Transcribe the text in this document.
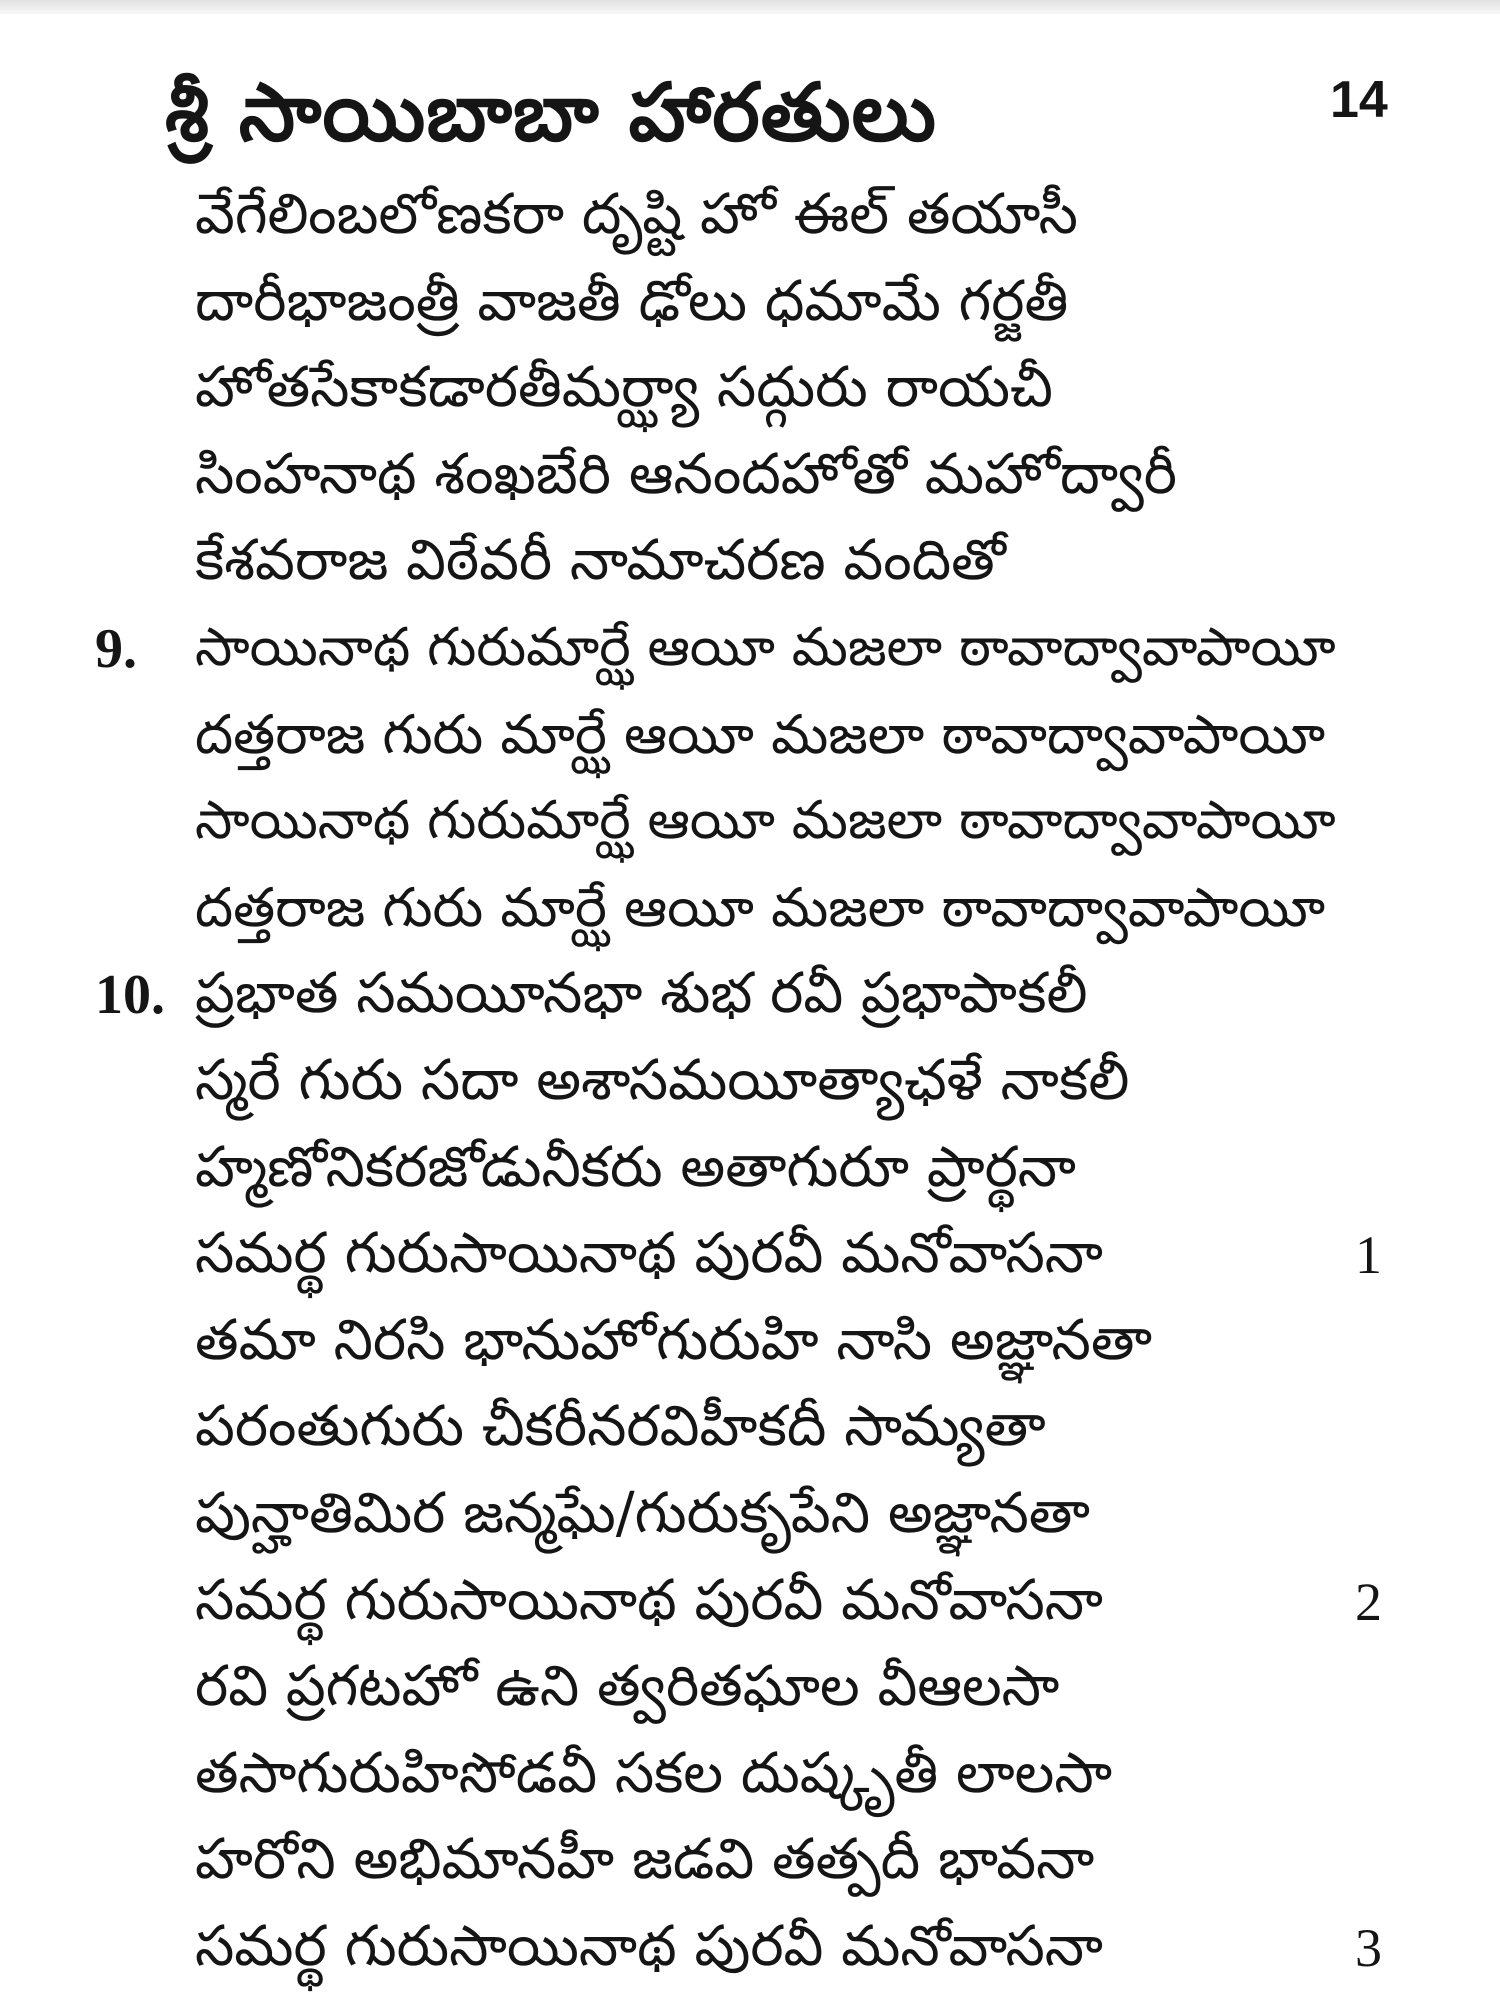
శ్రీ సాయిబాబా హారతులు	14
వేగేలింబలోణకరా దృష్టి హో ఈల్ తయాసీ
దారీభాజంత్రీ వాజతీ ఢోలు ధమామే గర్జతీ
హోతసేకాకడారతీమర్ఝ్యా సద్గురు రాయచీ
సింహనాథ శంఖబేరి ఆనందహోతో మహోద్వారీ
కేశవరాజ విఠేవరీ నామాచరణ వందితో
9. సాయినాథ గురుమార్ఝే ఆయీ మజలా ఠావాద్వావాపాయీ
దత్తరాజ గురు మార్ఝే ఆయీ మజలా ఠావాద్వావాపాయీ
సాయినాథ గురుమార్ఝే ఆయీ మజలా ఠావాద్వావాపాయీ
దత్తరాజ గురు మార్ఝే ఆయీ మజలా ఠావాద్వావాపాయీ
10. ప్రభాత సమయీనభా శుభ రవీ ప్రభాపాకలీ
స్మరే గురు సదా అశాసమయీత్యాఛళే నాకలీ
హ్మణోనికరజోడునీకరు అతాగురూ ప్రార్థనా
సమర్థ గురుసాయినాథ పురవీ మనోవాసనా	1
తమా నిరసి భానుహోగురుహి నాసి అజ్ఞానతా
పరంతుగురు చీకరీనరవిహీకదీ సామ్యతా
పున్హాతిమిర జన్మఘే/గురుకృపేని అజ్ఞానతా
సమర్థ గురుసాయినాథ పురవీ మనోవాసనా	2
రవి ప్రగటహో ఉని త్వరితఘాల వీఆలసా
తసాగురుహిసోడవీ సకల దుష్కృతీ లాలసా
హరోని అభిమానహీ జడవి తత్పదీ భావనా
సమర్థ గురుసాయినాథ పురవీ మనోవాసనా	3
